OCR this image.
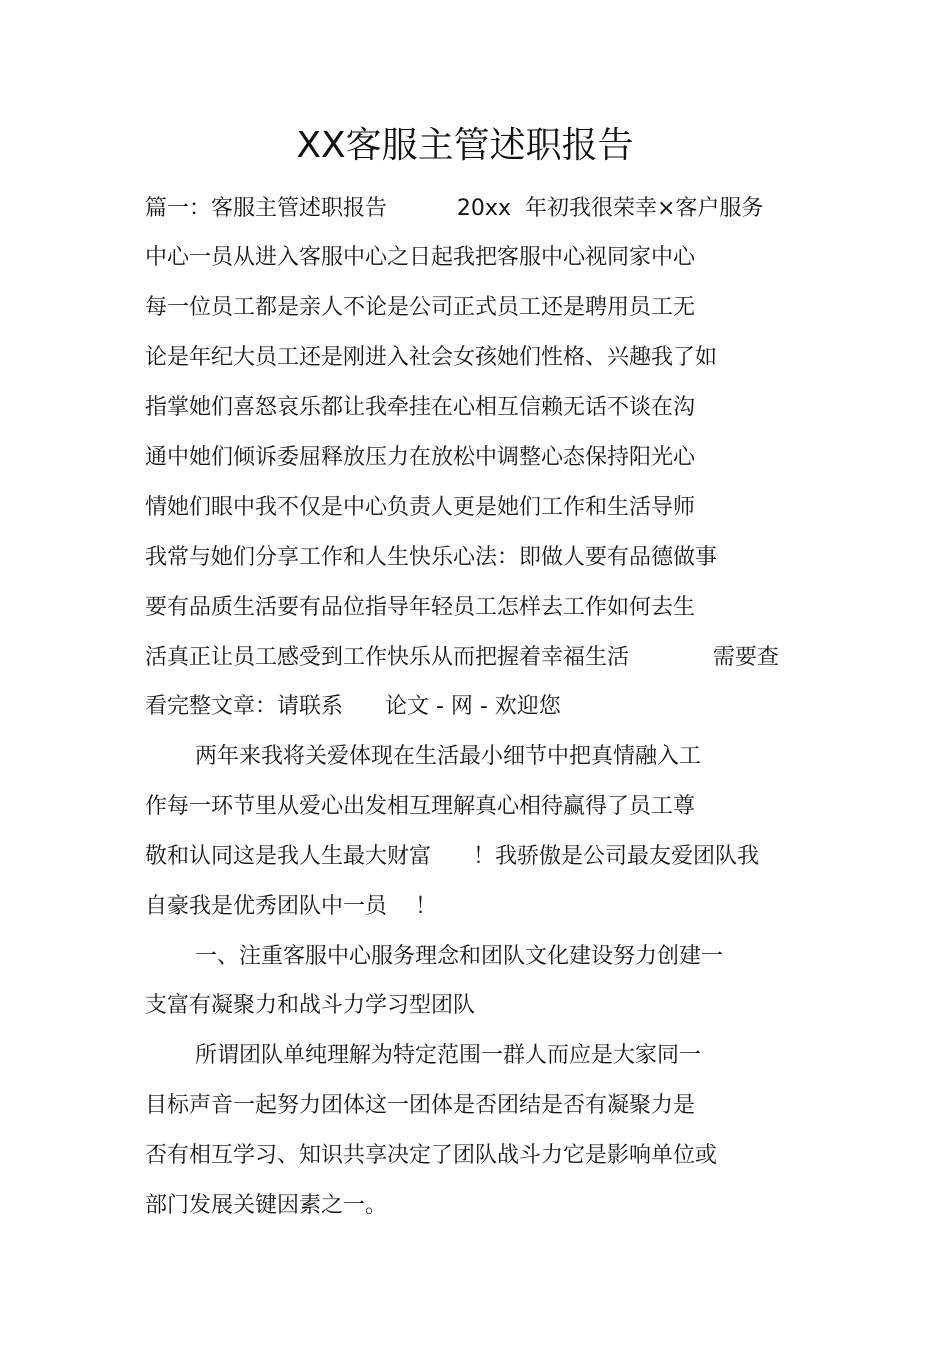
XX客服主管述职报告
篇一：客服主管述职报告          20xx  年初我很荣幸×客户服务
中心一员从进入客服中心之日起我把客服中心视同家中心
每一位员工都是亲人不论是公司正式员工还是聘用员工无
论是年纪大员工还是刚进入社会女孩她们性格、兴趣我了如
指掌她们喜怒哀乐都让我牵挂在心相互信赖无话不谈在沟
通中她们倾诉委屈释放压力在放松中调整心态保持阳光心
情她们眼中我不仅是中心负责人更是她们工作和生活导师
我常与她们分享工作和人生快乐心法：即做人要有品德做事
要有品质生活要有品位指导年轻员工怎样去工作如何去生
活真正让员工感受到工作快乐从而把握着幸福生活            需要查
看完整文章：请联系      论文 - 网 - 欢迎您
两年来我将关爱体现在生活最小细节中把真情融入工
作每一环节里从爱心出发相互理解真心相待赢得了员工尊
敬和认同这是我人生最大财富      ！我骄傲是公司最友爱团队我
自豪我是优秀团队中一员    ！
一、注重客服中心服务理念和团队文化建设努力创建一
支富有凝聚力和战斗力学习型团队
所谓团队单纯理解为特定范围一群人而应是大家同一
目标声音一起努力团体这一团体是否团结是否有凝聚力是
否有相互学习、知识共享决定了团队战斗力它是影响单位或
部门发展关键因素之一。
